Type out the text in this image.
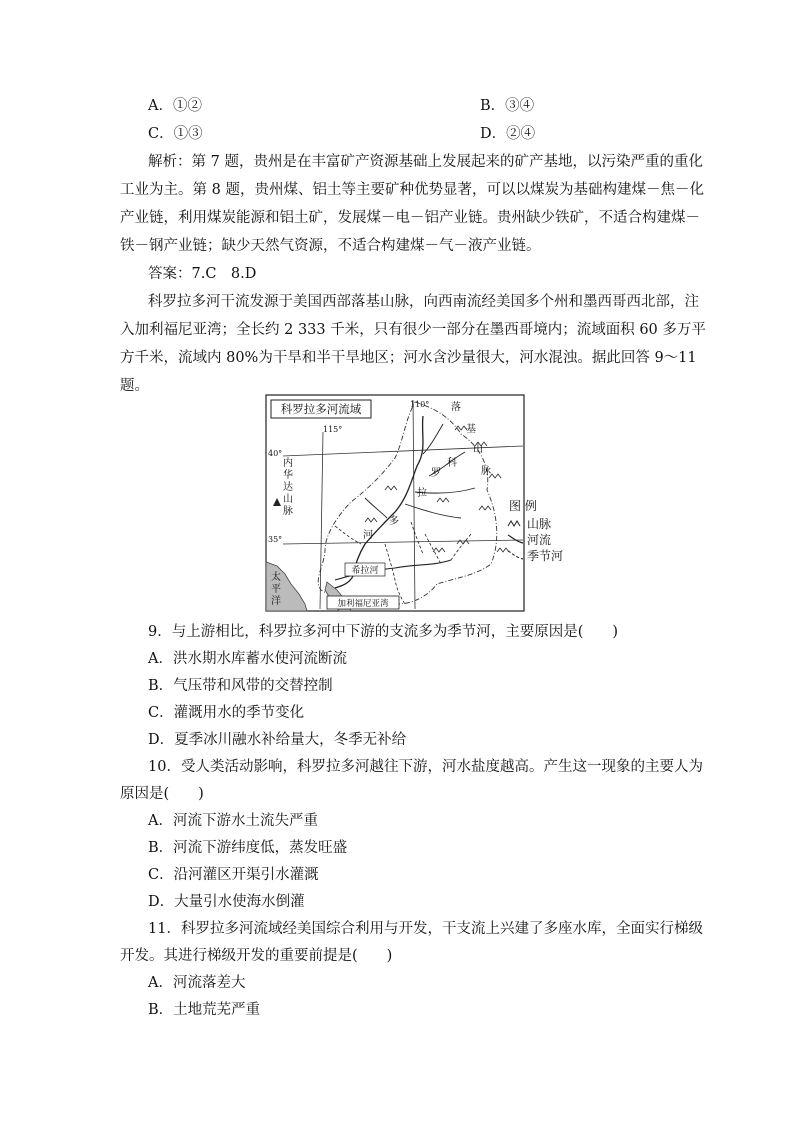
A．①②	B．③④
C．①③	D．②④
解析：第 7 题，贵州是在丰富矿产资源基础上发展起来的矿产基地，以污染严重的重化
工业为主。第 8 题，贵州煤、铝土等主要矿种优势显著，可以以煤炭为基础构建煤－焦－化
产业链，利用煤炭能源和铝土矿，发展煤－电－铝产业链。贵州缺少铁矿，不适合构建煤－
铁－钢产业链；缺少天然气资源，不适合构建煤－气－液产业链。
答案：7.C　8.D
科罗拉多河干流发源于美国西部落基山脉，向西南流经美国多个州和墨西哥西北部，注
入加利福尼亚湾；全长约 2 333 千米，只有很少一部分在墨西哥境内；流域面积 60 多万平
方千米，流域内 80%为干旱和半干旱地区；河水含沙量很大，河水混浊。据此回答 9～11
题。
科罗拉多河流域	110°
115°
40°
35°
加利福尼亚湾
内
华
达
山
脉
落
基
山
脉
科
罗
拉
多
河
太
平
洋
希拉河
图 例
山脉
河流
季节河
9．与上游相比，科罗拉多河中下游的支流多为季节河，主要原因是(　　)
A．洪水期水库蓄水使河流断流
B．气压带和风带的交替控制
C．灌溉用水的季节变化
D．夏季冰川融水补给量大，冬季无补给
10．受人类活动影响，科罗拉多河越往下游，河水盐度越高。产生这一现象的主要人为
原因是(　　)
A．河流下游水土流失严重
B．河流下游纬度低，蒸发旺盛
C．沿河灌区开渠引水灌溉
D．大量引水使海水倒灌
11．科罗拉多河流域经美国综合利用与开发，干支流上兴建了多座水库，全面实行梯级
开发。其进行梯级开发的重要前提是(　　)
A．河流落差大
B．土地荒芜严重
